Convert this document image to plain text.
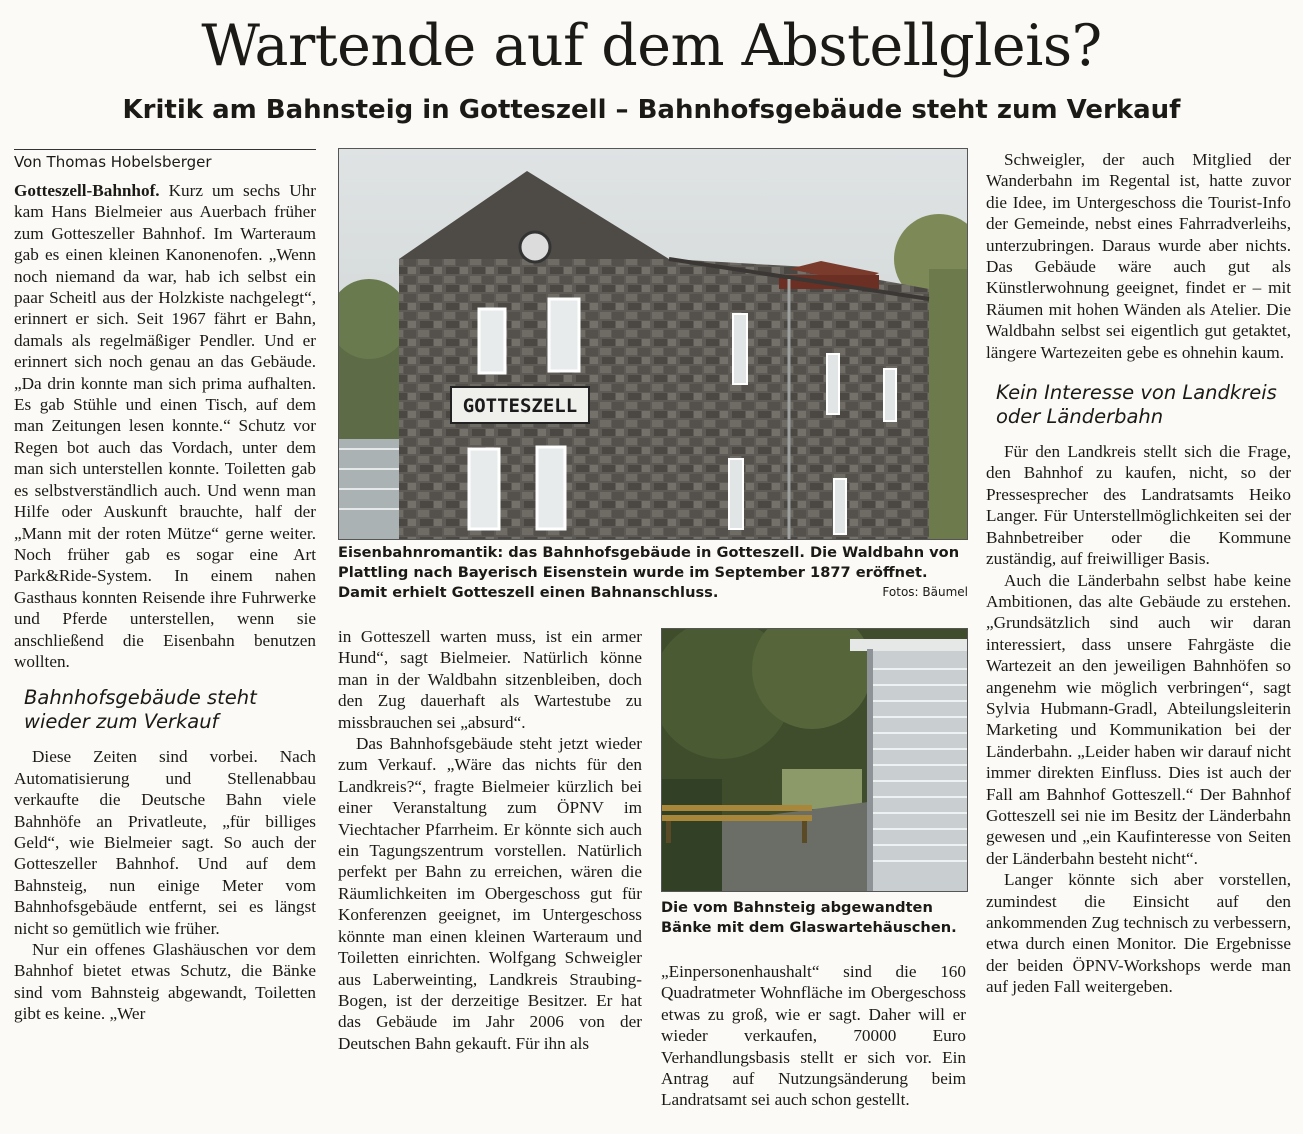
Wartende auf dem Abstellgleis?
Kritik am Bahnsteig in Gotteszell – Bahnhofsgebäude steht zum Verkauf
Von Thomas Hobelsberger

Gotteszell-Bahnhof. Kurz um sechs Uhr kam Hans Bielmeier aus Auerbach früher zum Gotteszeller Bahnhof. Im Warteraum gab es einen kleinen Kanonenofen. „Wenn noch niemand da war, hab ich selbst ein paar Scheitl aus der Holzkiste nachgelegt“, erinnert er sich. Seit 1967 fährt er Bahn, damals als regelmäßiger Pendler. Und er erinnert sich noch genau an das Gebäude. „Da drin konnte man sich prima aufhalten. Es gab Stühle und einen Tisch, auf dem man Zeitungen lesen konnte.“ Schutz vor Regen bot auch das Vordach, unter dem man sich unterstellen konnte. Toiletten gab es selbstverständlich auch. Und wenn man Hilfe oder Auskunft brauchte, half der „Mann mit der roten Mütze“ gerne weiter. Noch früher gab es sogar eine Art Park&Ride-System. In einem nahen Gasthaus konnten Reisende ihre Fuhrwerke und Pferde unterstellen, wenn sie anschließend die Eisenbahn benutzen wollten.

Bahnhofsgebäude steht wieder zum Verkauf

Diese Zeiten sind vorbei. Nach Automatisierung und Stellenabbau verkaufte die Deutsche Bahn viele Bahnhöfe an Privatleute, „für billiges Geld“, wie Bielmeier sagt. So auch der Gotteszeller Bahnhof. Und auf dem Bahnsteig, nun einige Meter vom Bahnhofsgebäude entfernt, sei es längst nicht so gemütlich wie früher.

Nur ein offenes Glashäuschen vor dem Bahnhof bietet etwas Schutz, die Bänke sind vom Bahnsteig abgewandt, Toiletten gibt es keine. „Wer

GOTTESZELL
Eisenbahnromantik: das Bahnhofsgebäude in Gotteszell. Die Waldbahn von Plattling nach Bayerisch Eisenstein wurde im September 1877 eröffnet. Damit erhielt Gotteszell einen Bahnanschluss.	Fotos: Bäumel

in Gotteszell warten muss, ist ein armer Hund“, sagt Bielmeier. Natürlich könne man in der Waldbahn sitzenbleiben, doch den Zug dauerhaft als Wartestube zu missbrauchen sei „absurd“.

Das Bahnhofsgebäude steht jetzt wieder zum Verkauf. „Wäre das nichts für den Landkreis?“, fragte Bielmeier kürzlich bei einer Veranstaltung zum ÖPNV im Viechtacher Pfarrheim. Er könnte sich auch ein Tagungszentrum vorstellen. Natürlich perfekt per Bahn zu erreichen, wären die Räumlichkeiten im Obergeschoss gut für Konferenzen geeignet, im Untergeschoss könnte man einen kleinen Warteraum und Toiletten einrichten. Wolfgang Schweigler aus Laberweinting, Landkreis Straubing-Bogen, ist der derzeitige Besitzer. Er hat das Gebäude im Jahr 2006 von der Deutschen Bahn gekauft. Für ihn als

Die vom Bahnsteig abgewandten Bänke mit dem Glaswartehäuschen.

„Einpersonenhaushalt“ sind die 160 Quadratmeter Wohnfläche im Obergeschoss etwas zu groß, wie er sagt. Daher will er wieder verkaufen, 70000 Euro Verhandlungsbasis stellt er sich vor. Ein Antrag auf Nutzungsänderung beim Landratsamt sei auch schon gestellt.

Schweigler, der auch Mitglied der Wanderbahn im Regental ist, hatte zuvor die Idee, im Untergeschoss die Tourist-Info der Gemeinde, nebst eines Fahrradverleihs, unterzubringen. Daraus wurde aber nichts. Das Gebäude wäre auch gut als Künstlerwohnung geeignet, findet er – mit Räumen mit hohen Wänden als Atelier. Die Waldbahn selbst sei eigentlich gut getaktet, längere Wartezeiten gebe es ohnehin kaum.

Kein Interesse von Landkreis oder Länderbahn

Für den Landkreis stellt sich die Frage, den Bahnhof zu kaufen, nicht, so der Pressesprecher des Landratsamts Heiko Langer. Für Unterstellmöglichkeiten sei der Bahnbetreiber oder die Kommune zuständig, auf freiwilliger Basis.

Auch die Länderbahn selbst habe keine Ambitionen, das alte Gebäude zu erstehen. „Grundsätzlich sind auch wir daran interessiert, dass unsere Fahrgäste die Wartezeit an den jeweiligen Bahnhöfen so angenehm wie möglich verbringen“, sagt Sylvia Hubmann-Gradl, Abteilungsleiterin Marketing und Kommunikation bei der Länderbahn. „Leider haben wir darauf nicht immer direkten Einfluss. Dies ist auch der Fall am Bahnhof Gotteszell.“ Der Bahnhof Gotteszell sei nie im Besitz der Länderbahn gewesen und „ein Kaufinteresse von Seiten der Länderbahn besteht nicht“.

Langer könnte sich aber vorstellen, zumindest die Einsicht auf den ankommenden Zug technisch zu verbessern, etwa durch einen Monitor. Die Ergebnisse der beiden ÖPNV-Workshops werde man auf jeden Fall weitergeben.
